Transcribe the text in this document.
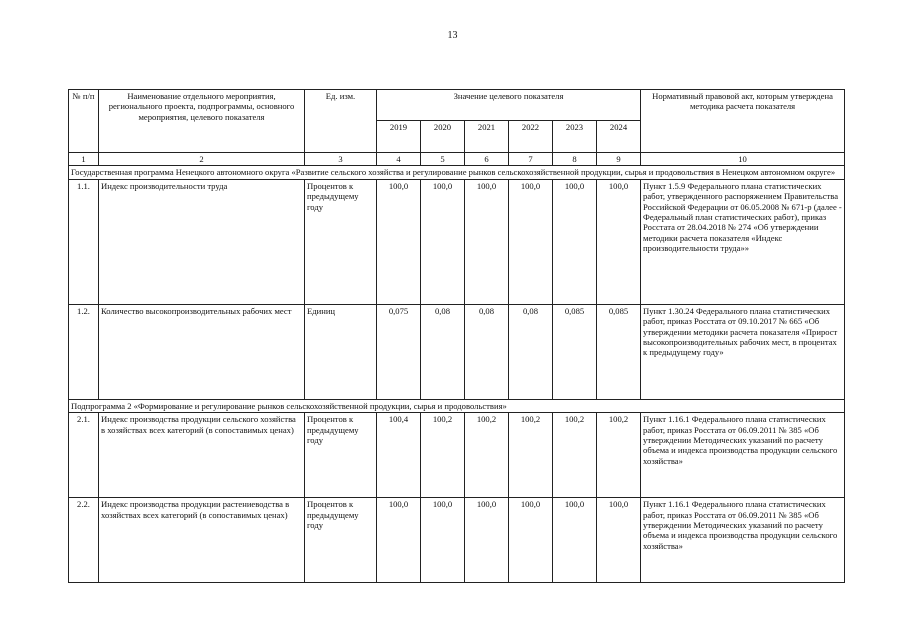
13
№ п/п	Наименование отдельного мероприятия, регионального проекта, подпрограммы, основного мероприятия, целевого показателя	Ед. изм.	Значение целевого показателя						Нормативный правовой акт, которым утверждена методика расчета показателя
			2019	2020	2021	2022	2023	2024	
1	2	3	4	5	6	7	8	9	10
Государственная программа Ненецкого автономного округа «Развитие сельского хозяйства и регулирование рынков сельскохозяйственной продукции, сырья и продовольствия в Ненецком автономном округе»									
1.1.	Индекс производительности труда	Процентов к предыдущему году	100,0	100,0	100,0	100,0	100,0	100,0	Пункт 1.5.9 Федерального плана статистических работ, утвержденного распоряжением Правительства Российской Федерации от 06.05.2008 № 671-р (далее - Федеральный план статистических работ), приказ Росстата от 28.04.2018 № 274 «Об утверждении методики расчета показателя «Индекс производительности труда»»
1.2.	Количество высокопроизводительных рабочих мест	Единиц	0,075	0,08	0,08	0,08	0,085	0,085	Пункт 1.30.24 Федерального плана статистических работ, приказ Росстата от 09.10.2017 № 665 «Об утверждении методики расчета показателя «Прирост высокопроизводительных рабочих мест, в процентах к предыдущему году»
Подпрограмма 2 «Формирование и регулирование рынков сельскохозяйственной продукции, сырья и продовольствия»									
2.1.	Индекс производства продукции сельского хозяйства в хозяйствах всех категорий (в сопоставимых ценах)	Процентов к предыдущему году	100,4	100,2	100,2	100,2	100,2	100,2	Пункт 1.16.1 Федерального плана статистических работ, приказ Росстата от 06.09.2011 № 385 «Об утверждении Методических указаний по расчету объема и индекса производства продукции сельского хозяйства»
2.2.	Индекс производства продукции растениеводства в хозяйствах всех категорий (в сопоставимых ценах)	Процентов к предыдущему году	100,0	100,0	100,0	100,0	100,0	100,0	Пункт 1.16.1 Федерального плана статистических работ, приказ Росстата от 06.09.2011 № 385 «Об утверждении Методических указаний по расчету объема и индекса производства продукции сельского хозяйства»
